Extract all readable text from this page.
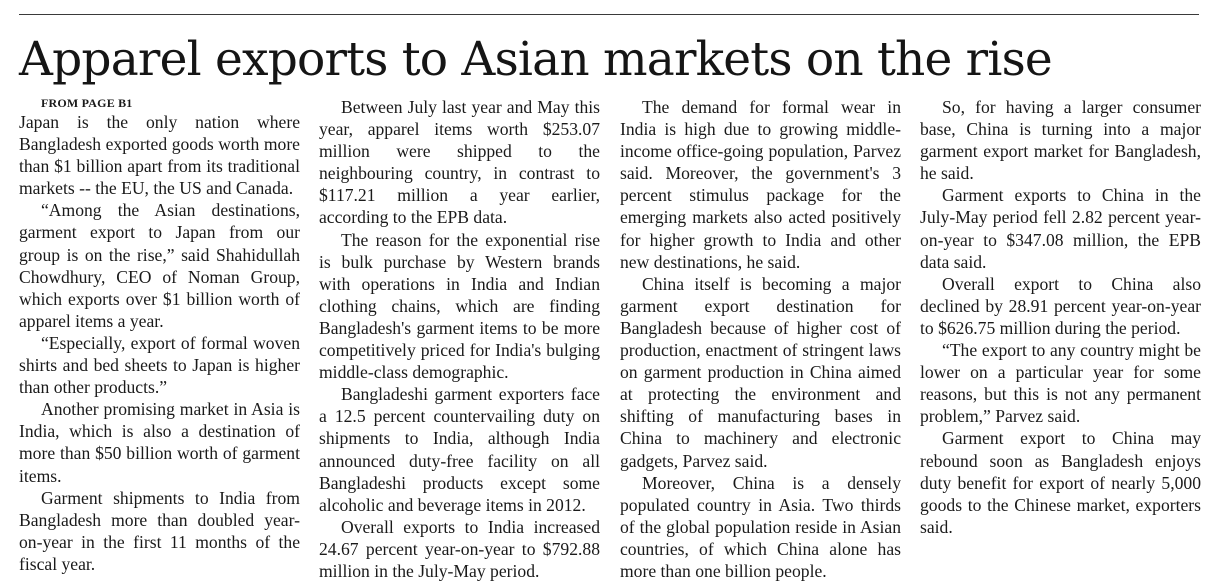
Apparel exports to Asian markets on the rise

FROM PAGE B1

Japan is the only nation where Bangladesh exported goods worth more than $1 billion apart from its traditional markets -- the EU, the US and Canada.

“Among the Asian destinations, garment export to Japan from our group is on the rise,” said Shahidullah Chowdhury, CEO of Noman Group, which exports over $1 billion worth of apparel items a year.

“Especially, export of formal woven shirts and bed sheets to Japan is higher than other products.”

Another promising market in Asia is India, which is also a destination of more than $50 billion worth of garment items.

Garment shipments to India from Bangladesh more than doubled year-on-year in the first 11 months of the fiscal year.

Between July last year and May this year, apparel items worth $253.07 million were shipped to the neighbouring country, in contrast to $117.21 million a year earlier, according to the EPB data.

The reason for the exponential rise is bulk purchase by Western brands with operations in India and Indian clothing chains, which are finding Bangladesh's garment items to be more competitively priced for India's bulging middle-class demographic.

Bangladeshi garment exporters face a 12.5 percent countervailing duty on shipments to India, although India announced duty-free facility on all Bangladeshi products except some alcoholic and beverage items in 2012.

Overall exports to India increased 24.67 percent year-on-year to $792.88 million in the July-May period.

The demand for formal wear in India is high due to growing middle-income office-going population, Parvez said. Moreover, the government's 3 percent stimulus package for the emerging markets also acted positively for higher growth to India and other new destinations, he said.

China itself is becoming a major garment export destination for Bangladesh because of higher cost of production, enactment of stringent laws on garment production in China aimed at protecting the environment and shifting of manufacturing bases in China to machinery and electronic gadgets, Parvez said.

Moreover, China is a densely populated country in Asia. Two thirds of the global population reside in Asian countries, of which China alone has more than one billion people.

So, for having a larger consumer base, China is turning into a major garment export market for Bangladesh, he said.

Garment exports to China in the July-May period fell 2.82 percent year-on-year to $347.08 million, the EPB data said.

Overall export to China also declined by 28.91 percent year-on-year to $626.75 million during the period.

“The export to any country might be lower on a particular year for some reasons, but this is not any permanent problem,” Parvez said.

Garment export to China may rebound soon as Bangladesh enjoys duty benefit for export of nearly 5,000 goods to the Chinese market, exporters said.
